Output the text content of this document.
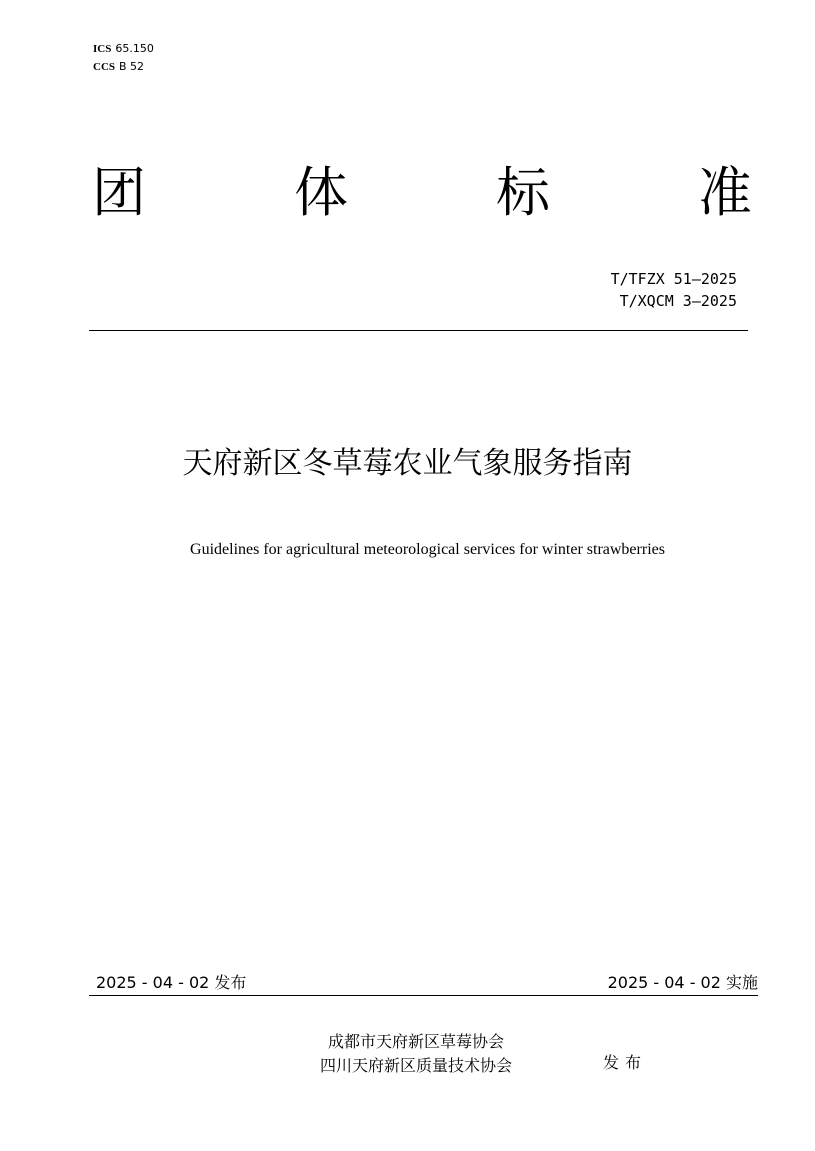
ICS 65.150
CCS B 52
团	体	标	准
T/TFZX 51—2025
T/XQCM 3—2025
天府新区冬草莓农业气象服务指南
Guidelines for agricultural meteorological services for winter strawberries
2025 - 04 - 02 发布	2025 - 04 - 02 实施
成都市天府新区草莓协会
四川天府新区质量技术协会	发布
